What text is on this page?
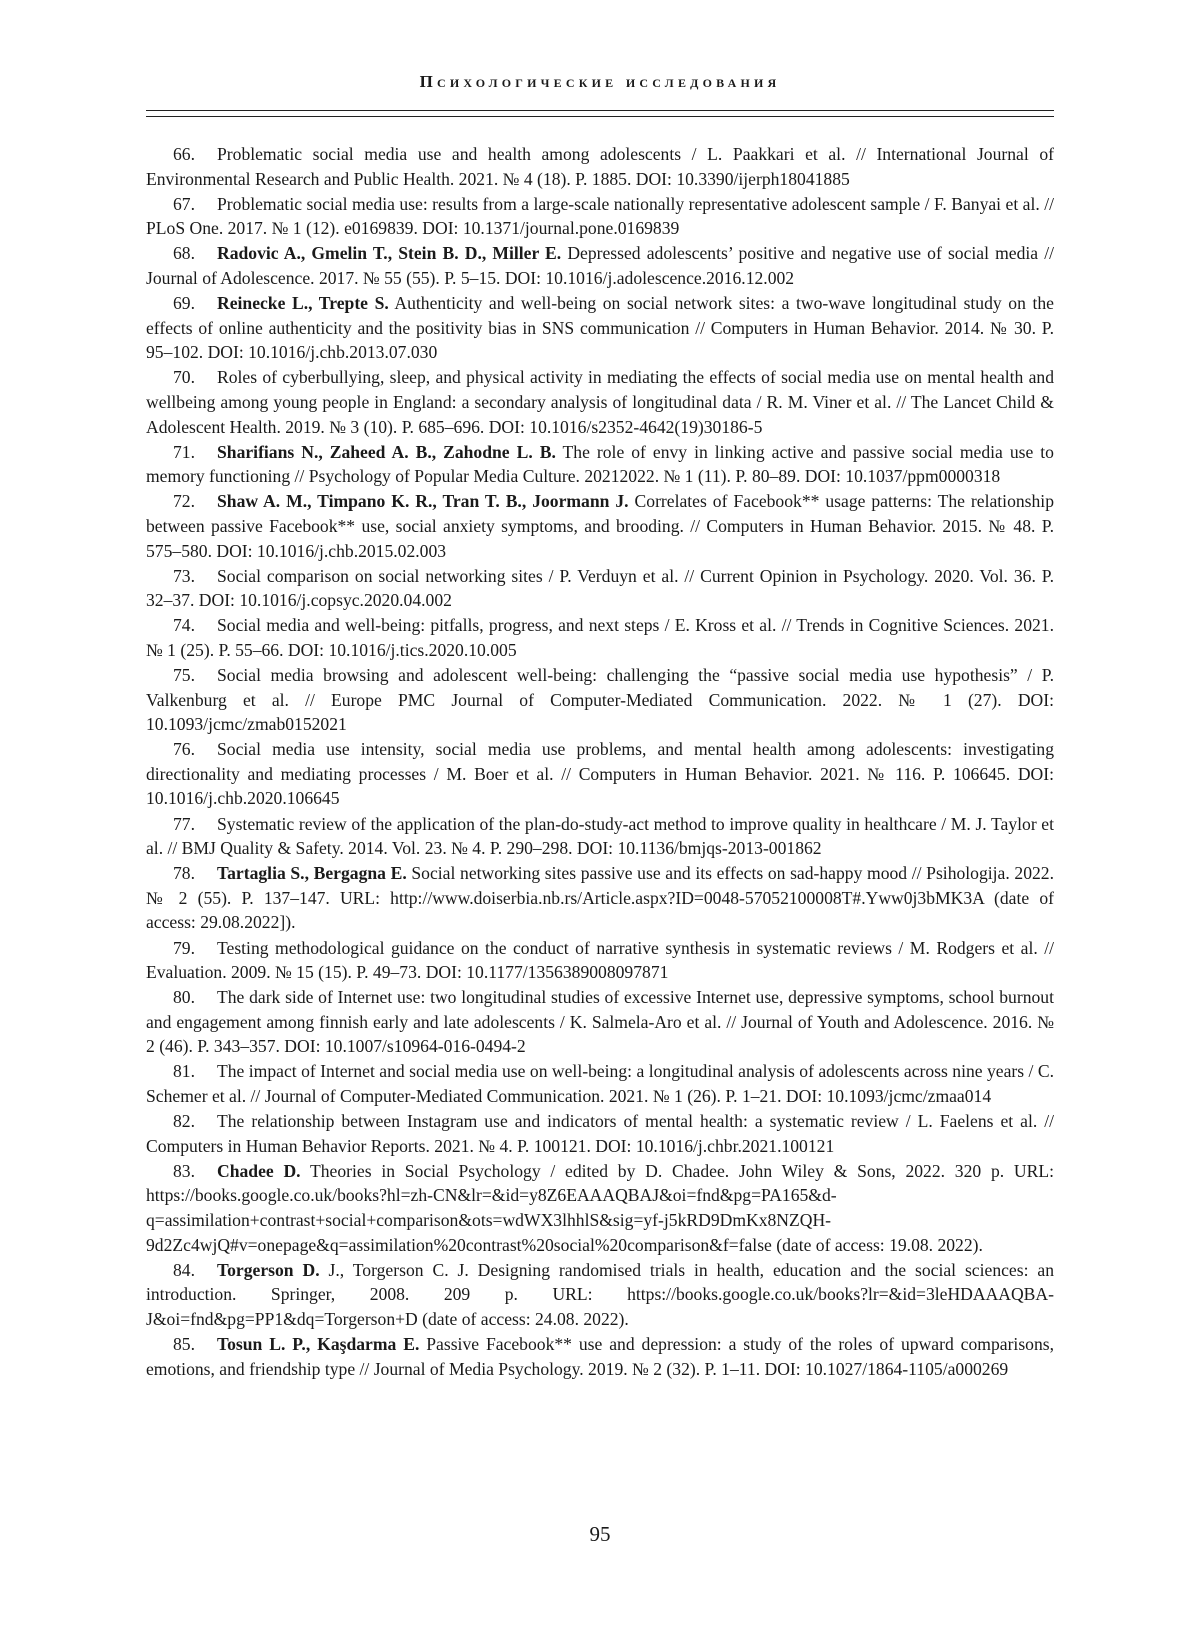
Психологические исследования

66. Problematic social media use and health among adolescents / L. Paakkari et al. // International Journal of Environmental Research and Public Health. 2021. № 4 (18). P. 1885. DOI: 10.3390/ijerph18041885

67. Problematic social media use: results from a large-scale nationally representative adolescent sample / F. Banyai et al. // PLoS One. 2017. № 1 (12). e0169839. DOI: 10.1371/journal.pone.0169839

68. Radovic A., Gmelin T., Stein B. D., Miller E. Depressed adolescents’ positive and negative use of social media // Journal of Adolescence. 2017. № 55 (55). P. 5–15. DOI: 10.1016/j.adolescence.2016.12.002

69. Reinecke L., Trepte S. Authenticity and well-being on social network sites: a two-wave longitudinal study on the effects of online authenticity and the positivity bias in SNS communication // Computers in Human Behavior. 2014. № 30. P. 95–102. DOI: 10.1016/j.chb.2013.07.030

70. Roles of cyberbullying, sleep, and physical activity in mediating the effects of social media use on mental health and wellbeing among young people in England: a secondary analysis of longitudinal data / R. M. Viner et al. // The Lancet Child & Adolescent Health. 2019. № 3 (10). P. 685–696. DOI: 10.1016/s2352-4642(19)30186-5

71. Sharifians N., Zaheed A. B., Zahodne L. B. The role of envy in linking active and passive social media use to memory functioning // Psychology of Popular Media Culture. 20212022. № 1 (11). P. 80–89. DOI: 10.1037/ppm0000318

72. Shaw A. M., Timpano K. R., Tran T. B., Joormann J. Correlates of Facebook** usage patterns: The relationship between passive Facebook** use, social anxiety symptoms, and brooding. // Computers in Human Behavior. 2015. № 48. P. 575–580. DOI: 10.1016/j.chb.2015.02.003

73. Social comparison on social networking sites / P. Verduyn et al. // Current Opinion in Psychology. 2020. Vol. 36. P. 32–37. DOI: 10.1016/j.copsyc.2020.04.002

74. Social media and well-being: pitfalls, progress, and next steps / E. Kross et al. // Trends in Cognitive Sciences. 2021. № 1 (25). P. 55–66. DOI: 10.1016/j.tics.2020.10.005

75. Social media browsing and adolescent well-being: challenging the “passive social media use hypo­thesis” / P. Valkenburg et al. // Europe PMC Journal of Computer-Mediated Communication. 2022. № 1 (27). DOI: 10.1093/jcmc/zmab0152021

76. Social media use intensity, social media use problems, and mental health among adolescents: investi­gating directionality and mediating processes / M. Boer et al. // Computers in Human Behavior. 2021. № 116. P. 106645. DOI: 10.1016/j.chb.2020.106645

77. Systematic review of the application of the plan-do-study-act method to improve quality in healthcare / M. J. Taylor et al. // BMJ Quality & Safety. 2014. Vol. 23. № 4. P. 290–298. DOI: 10.1136/bmjqs-2013-001862

78. Tartaglia S., Bergagna E. Social networking sites passive use and its effects on sad-happy mood // Psi­hologija. 2022. № 2 (55). P. 137–147. URL: http://www.doiserbia.nb.rs/Article.aspx?ID=0048-57052100008T#.Yww0j3bMK3A (date of access: 29.08.2022]).

79. Testing methodological guidance on the conduct of narrative synthesis in systematic reviews / M. Rod­gers et al. // Evaluation. 2009. № 15 (15). P. 49–73. DOI: 10.1177/1356389008097871

80. The dark side of Internet use: two longitudinal studies of excessive Internet use, depressive symp­toms, school burnout and engagement among finnish early and late adolescents / K. Salmela-Aro et al. // Journal of Youth and Adolescence. 2016. № 2 (46). P. 343–357. DOI: 10.1007/s10964-016-0494-2

81. The impact of Internet and social media use on well-being: a longitudinal analysis of adolescents across nine years / C. Schemer et al. // Journal of Computer-Mediated Communication. 2021. № 1 (26). P. 1–21. DOI: 10.1093/jcmc/zmaa014

82. The relationship between Instagram use and indicators of mental health: a systematic review / L. Faelens et al. // Computers in Human Behavior Reports. 2021. № 4. P. 100121. DOI: 10.1016/j.chbr.2021.100121

83. Chadee D. Theories in Social Psychology / edited by D. Chadee. John Wiley & Sons, 2022. 320 p. URL: https://books.google.co.uk/books?hl=zh-CN&lr=&id=y8Z6EAAAQBAJ&oi=fnd&pg=PA165&d­q=assimilation+contrast+social+comparison&ots=wdWX3lhhlS&sig=yf-j5kRD9DmKx8NZQH­9d2Zc4wjQ#v=onepage&q=assimilation%20contrast%20social%20comparison&f=false (date of access: 19.08. 2022).

84. Torgerson D. J., Torgerson C. J. Designing randomised trials in health, education and the social scien­ces: an introduction. Springer, 2008. 209 p. URL: https://books.google.co.uk/books?lr=&id=3leHDAAAQBA­J&oi=fnd&pg=PP1&dq=Torgerson+D (date of access: 24.08. 2022).

85. Tosun L. P., Kaşdarma E. Passive Facebook** use and depression: a study of the roles of up­ward comparisons, emotions, and friendship type // Journal of Media Psychology. 2019. № 2 (32). P. 1–11. DOI: 10.1027/1864-1105/a000269

95
